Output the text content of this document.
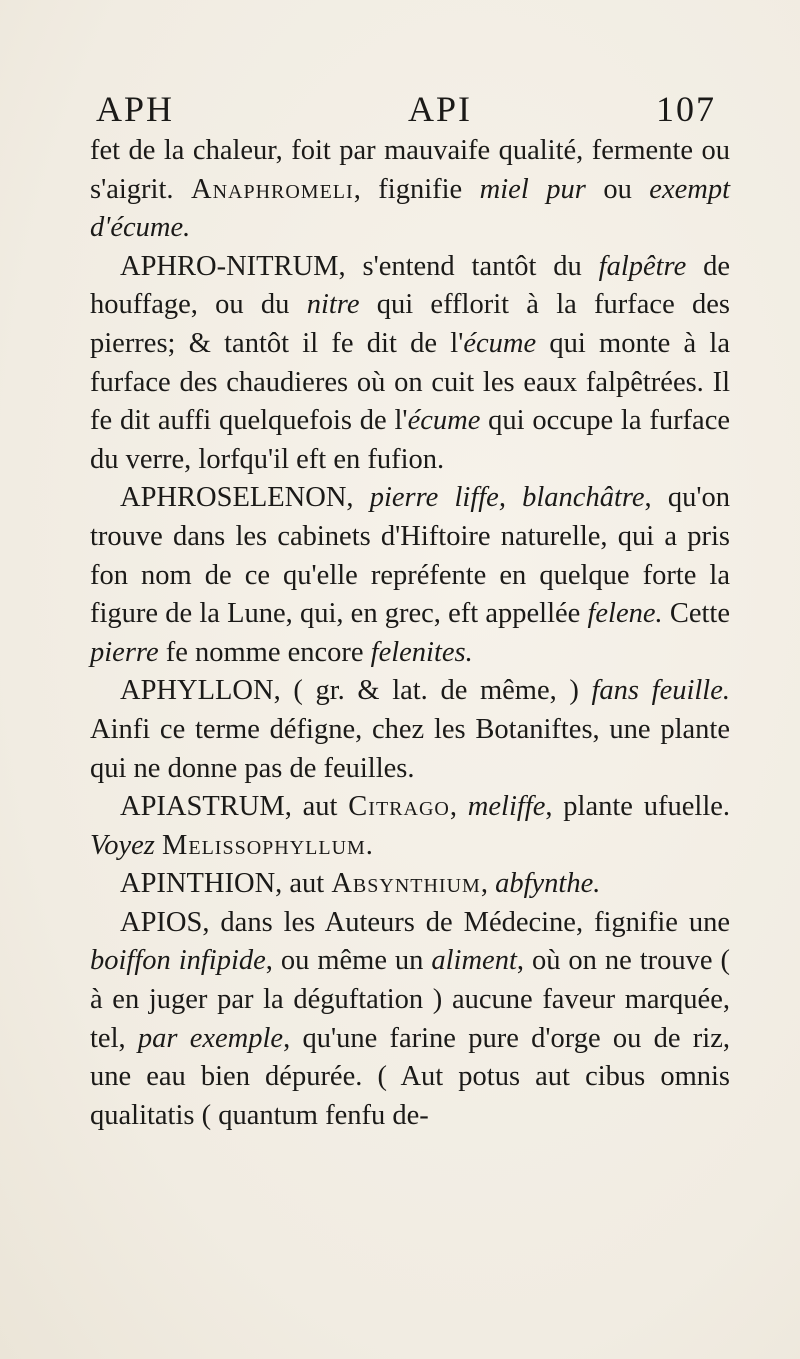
APH	API	107

fet de la chaleur, foit par mauvaife qualité, fermente ou s'aigrit. Anaphromeli, fignifie miel pur ou exempt d'écume.

APHRO-NITRUM, s'entend tantôt du falpêtre de houffage, ou du nitre qui efflorit à la furface des pierres; & tantôt il fe dit de l'écume qui monte à la furface des chaudieres où on cuit les eaux falpêtrées. Il fe dit auffi quelquefois de l'écume qui occupe la furface du verre, lorfqu'il eft en fufion.

APHROSELENON, pierre liffe, blanchâtre, qu'on trouve dans les cabinets d'Hiftoire naturelle, qui a pris fon nom de ce qu'elle repréfente en quelque forte la figure de la Lune, qui, en grec, eft appellée felene. Cette pierre fe nomme encore felenites.

APHYLLON, ( gr. & lat. de même, ) fans feuille. Ainfi ce terme défigne, chez les Botaniftes, une plante qui ne donne pas de feuilles.

APIASTRUM, aut Citrago, meliffe, plante ufuelle. Voyez Melissophyllum.

APINTHION, aut Absynthium, abfynthe.

APIOS, dans les Auteurs de Médecine, fignifie une boiffon infipide, ou même un aliment, où on ne trouve ( à en juger par la déguftation ) aucune faveur marquée, tel, par exemple, qu'une farine pure d'orge ou de riz, une eau bien dépurée. ( Aut potus aut cibus omnis qualitatis ( quantum fenfu de-
